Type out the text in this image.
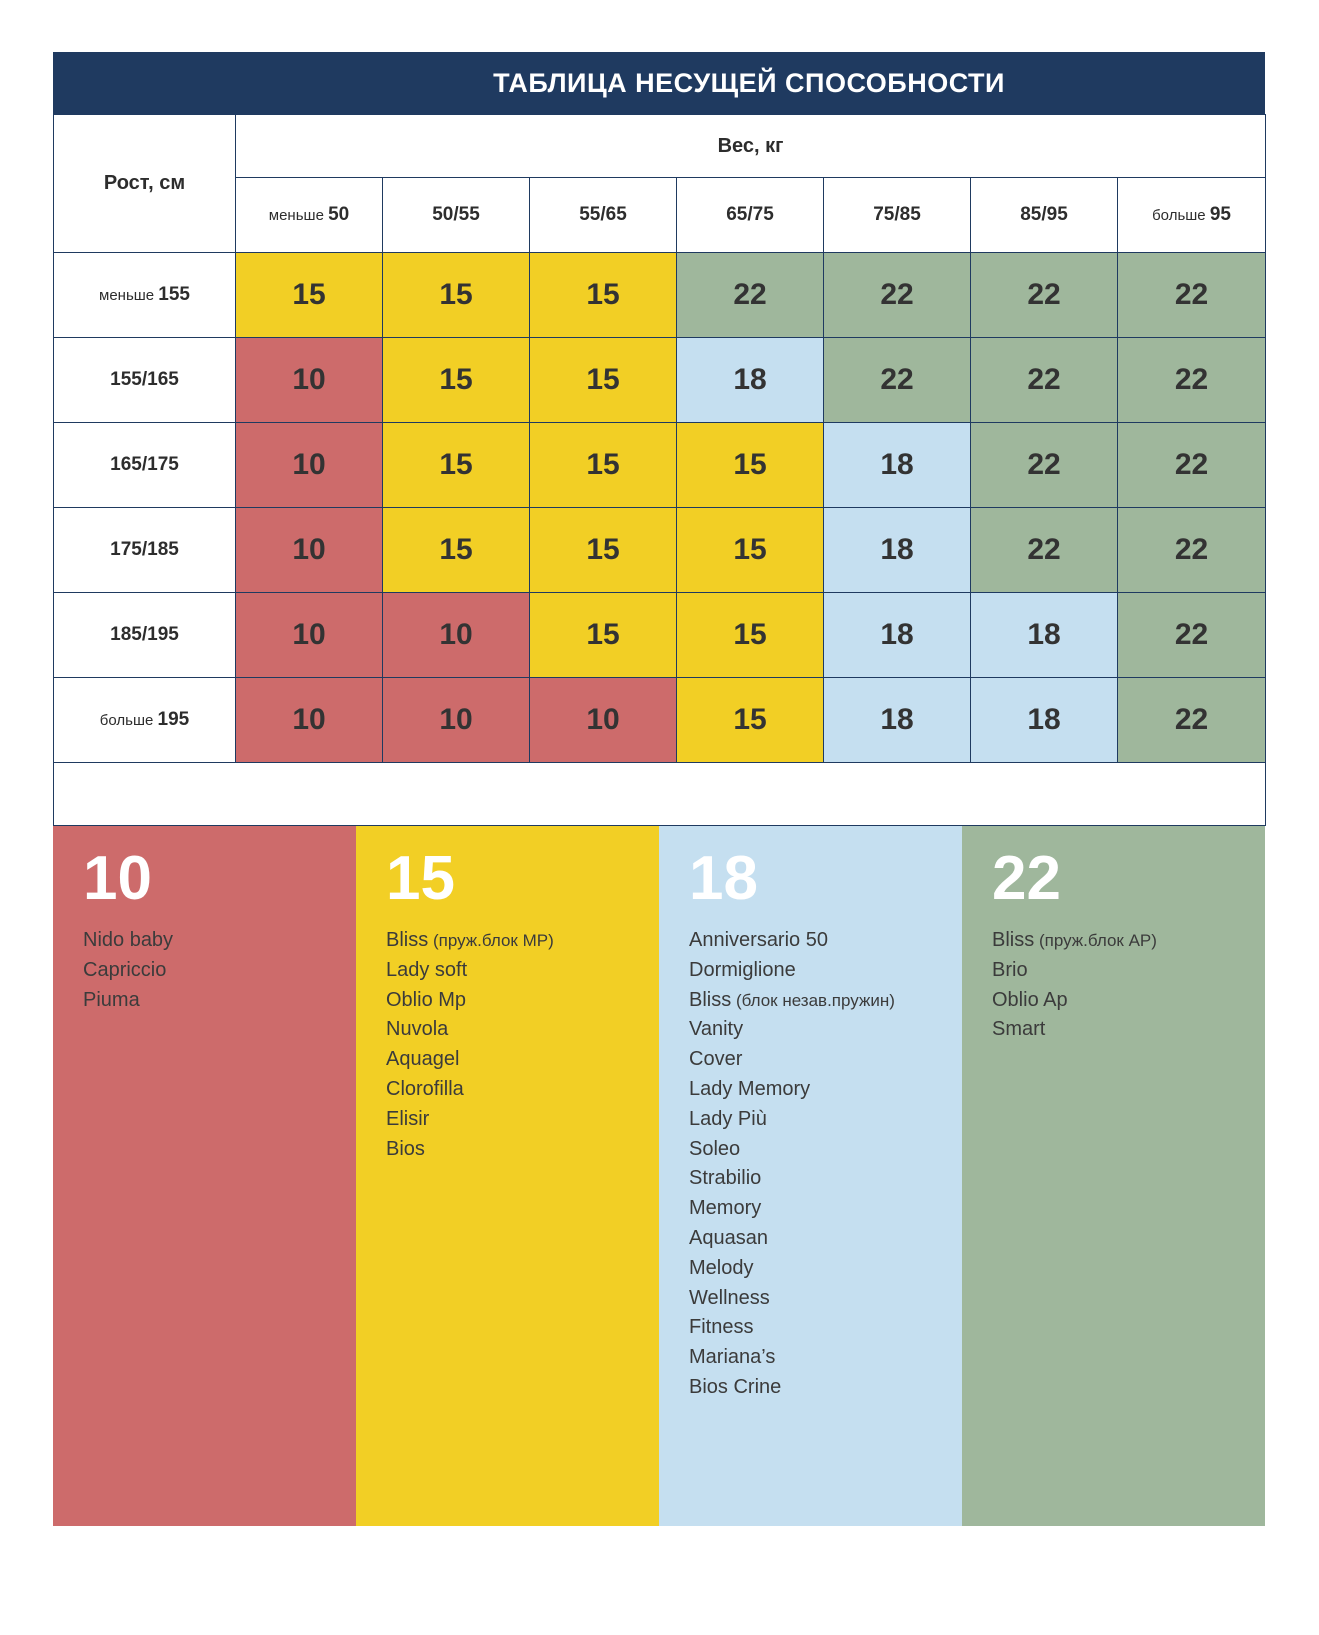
ТАБЛИЦА НЕСУЩЕЙ СПОСОБНОСТИ
Рост, см	Вес, кг						
	меньше 50	50/55	55/65	65/75	75/85	85/95	больше 95
меньше 155	15	15	15	22	22	22	22
155/165	10	15	15	18	22	22	22
165/175	10	15	15	15	18	22	22
175/185	10	15	15	15	18	22	22
185/195	10	10	15	15	18	18	22
больше 195	10	10	10	15	18	18	22

10
Nido baby
Capriccio
Piuma
15
Bliss (пруж.блок MP)
Lady soft
Oblio Mp
Nuvola
Aquagel
Clorofilla
Elisir
Bios
18
Anniversario 50
Dormiglione
Bliss (блок незав.пружин)
Vanity
Cover
Lady Memory
Lady Più
Soleo
Strabilio
Memory
Aquasan
Melody
Wellness
Fitness
Mariana’s
Bios Crine
22
Bliss (пруж.блок AP)
Brio
Oblio Ap
Smart
